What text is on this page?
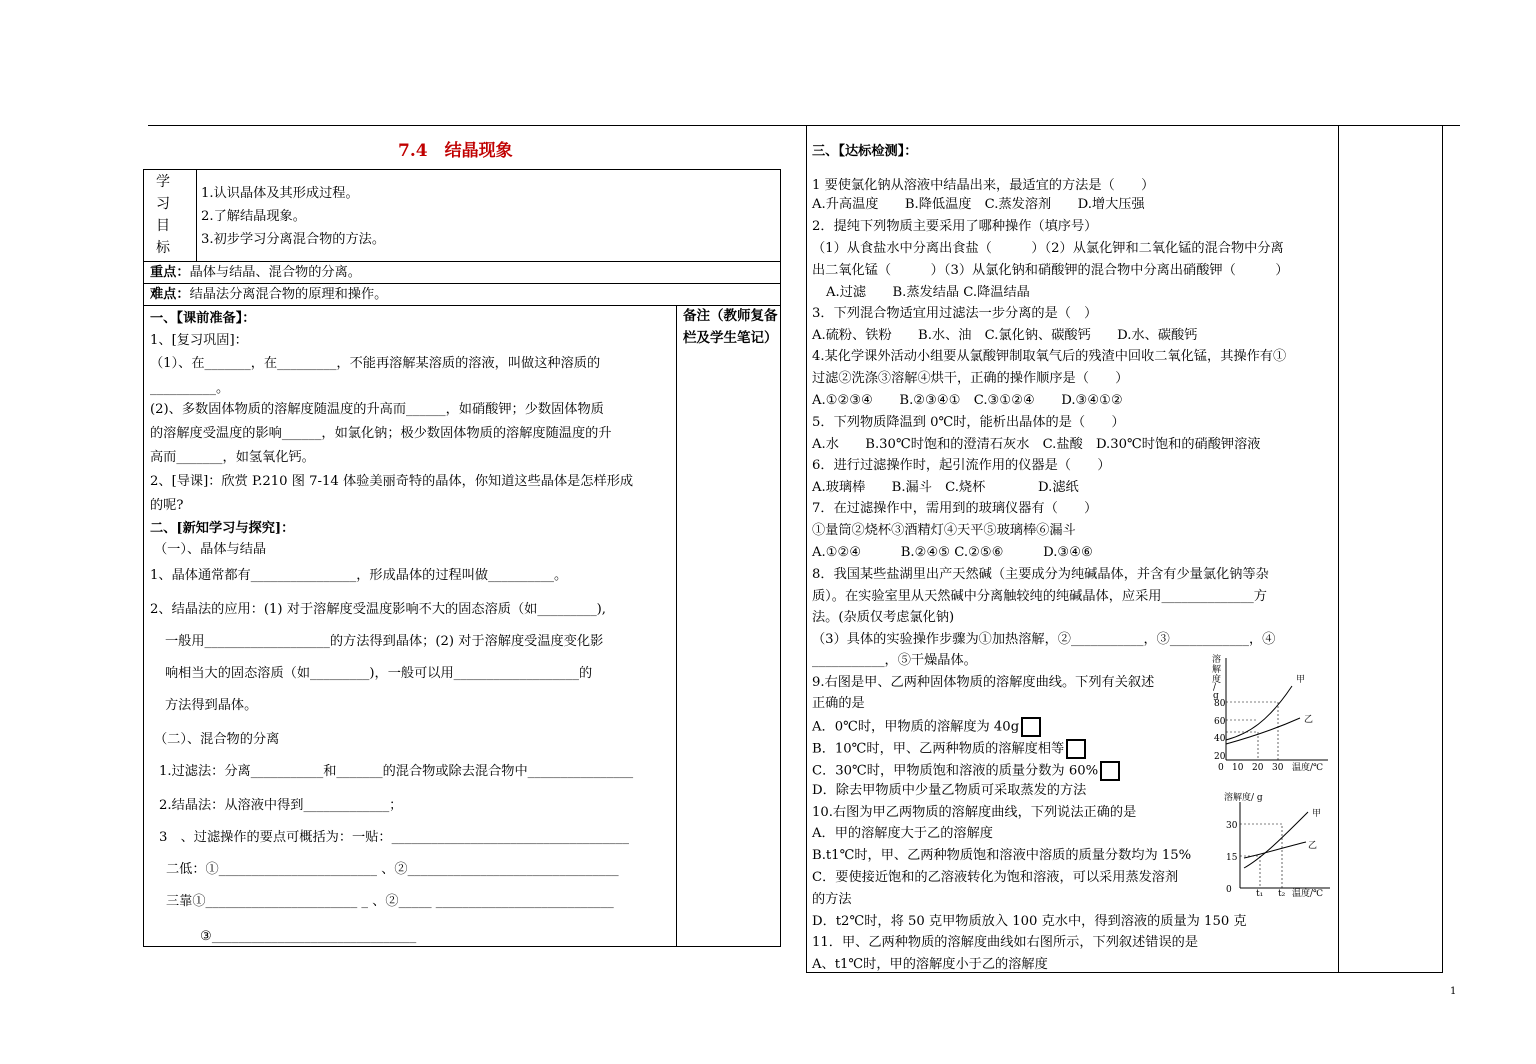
7.4　结晶现象
学
习
目
标
1.认识晶体及其形成过程。
2.了解结晶现象。
3.初步学习分离混合物的方法。
重点：晶体与结晶、混合物的分离。
难点：结晶法分离混合物的原理和操作。
备注（教师复备栏及学生笔记）
一、【课前准备】：
1、[复习巩固]：
（1）、在_______，在_________，不能再溶解某溶质的溶液，叫做这种溶质的
__________。
(2)、多数固体物质的溶解度随温度的升高而______，如硝酸钾；少数固体物质
的溶解度受温度的影响______，如氯化钠；极少数固体物质的溶解度随温度的升
高而_______，如氢氧化钙。
2、[导课]：欣赏 P.210 图 7-14 体验美丽奇特的晶体，你知道这些晶体是怎样形成
的呢?
二、[新知学习与探究]：
（一）、晶体与结晶
1、晶体通常都有________________，形成晶体的过程叫做__________。
2、结晶法的应用：(1) 对于溶解度受温度影响不大的固态溶质（如_________),
一般用___________________的方法得到晶体；(2) 对于溶解度受温度变化影
响相当大的固态溶质（如_________)，一般可以用___________________的
方法得到晶体。
（二）、混合物的分离
1.过滤法：分离___________和_______的混合物或除去混合物中________________
2.结晶法：从溶液中得到_____________；
3　、过滤操作的要点可概括为：一贴：____________________________________
二低：①________________________ 、②________________________________
三靠①_______________________ _ 、②_____ ___________________________
③_______________________________
三、【达标检测】：
1 要使氯化钠从溶液中结晶出来，最适宜的方法是（　　）
A.升高温度　　B.降低温度　C.蒸发溶剂　　D.增大压强
2．提纯下列物质主要采用了哪种操作（填序号）
（1）从食盐水中分离出食盐（　　　）（2）从氯化钾和二氧化锰的混合物中分离
出二氧化锰（　　　）（3）从氯化钠和硝酸钾的混合物中分离出硝酸钾（　　　）
A.过滤　　B.蒸发结晶 C.降温结晶
3．下列混合物适宜用过滤法一步分离的是（　）
A.硫粉、铁粉　　B.水、油　C.氯化钠、碳酸钙　　D.水、碳酸钙
4.某化学课外活动小组要从氯酸钾制取氧气后的残渣中回收二氧化锰，其操作有①
过滤②洗涤③溶解④烘干，正确的操作顺序是（　　）
A.①②③④　　B.②③④①　C.③①②④　　D.③④①②
5．下列物质降温到 0℃时，能析出晶体的是（　　）
A.水　　B.30℃时饱和的澄清石灰水　C.盐酸　D.30℃时饱和的硝酸钾溶液
6．进行过滤操作时，起引流作用的仪器是（　　）
A.玻璃棒　　B.漏斗　C.烧杯　　　　D.滤纸
7．在过滤操作中，需用到的玻璃仪器有（　　）
①量筒②烧杯③酒精灯④天平⑤玻璃棒⑥漏斗
A.①②④　　　B.②④⑤ C.②⑤⑥　　　D.③④⑥
8．我国某些盐湖里出产天然碱（主要成分为纯碱晶体，并含有少量氯化钠等杂
质）。在实验室里从天然碱中分离触较纯的纯碱晶体，应采用______________方
法。(杂质仅考虑氯化钠)
（3）具体的实验操作步骤为①加热溶解，②___________，③____________，④
___________，⑤干燥晶体。
9.右图是甲、乙两种固体物质的溶解度曲线。下列有关叙述
正确的是
A．0℃时，甲物质的溶解度为 40g
B．10℃时，甲、乙两种物质的溶解度相等
C．30℃时，甲物质饱和溶液的质量分数为 60%
D．除去甲物质中少量乙物质可采取蒸发的方法
10.右图为甲乙两物质的溶解度曲线，下列说法正确的是
A．甲的溶解度大于乙的溶解度
B.t1℃时，甲、乙两种物质饱和溶液中溶质的质量分数均为 15%
C．要使接近饱和的乙溶液转化为饱和溶液，可以采用蒸发溶剂
的方法
D．t2℃时，将 50 克甲物质放入 100 克水中，得到溶液的质量为 150 克
11．甲、乙两种物质的溶解度曲线如右图所示，下列叙述错误的是
A、t1℃时，甲的溶解度小于乙的溶解度
溶
解
度
/
g
80
60
40
20
0 10 20 30 温度/℃
甲
乙
溶解度/ g
30
15
0	t₁ t₂ 温度/℃
甲
乙
1
